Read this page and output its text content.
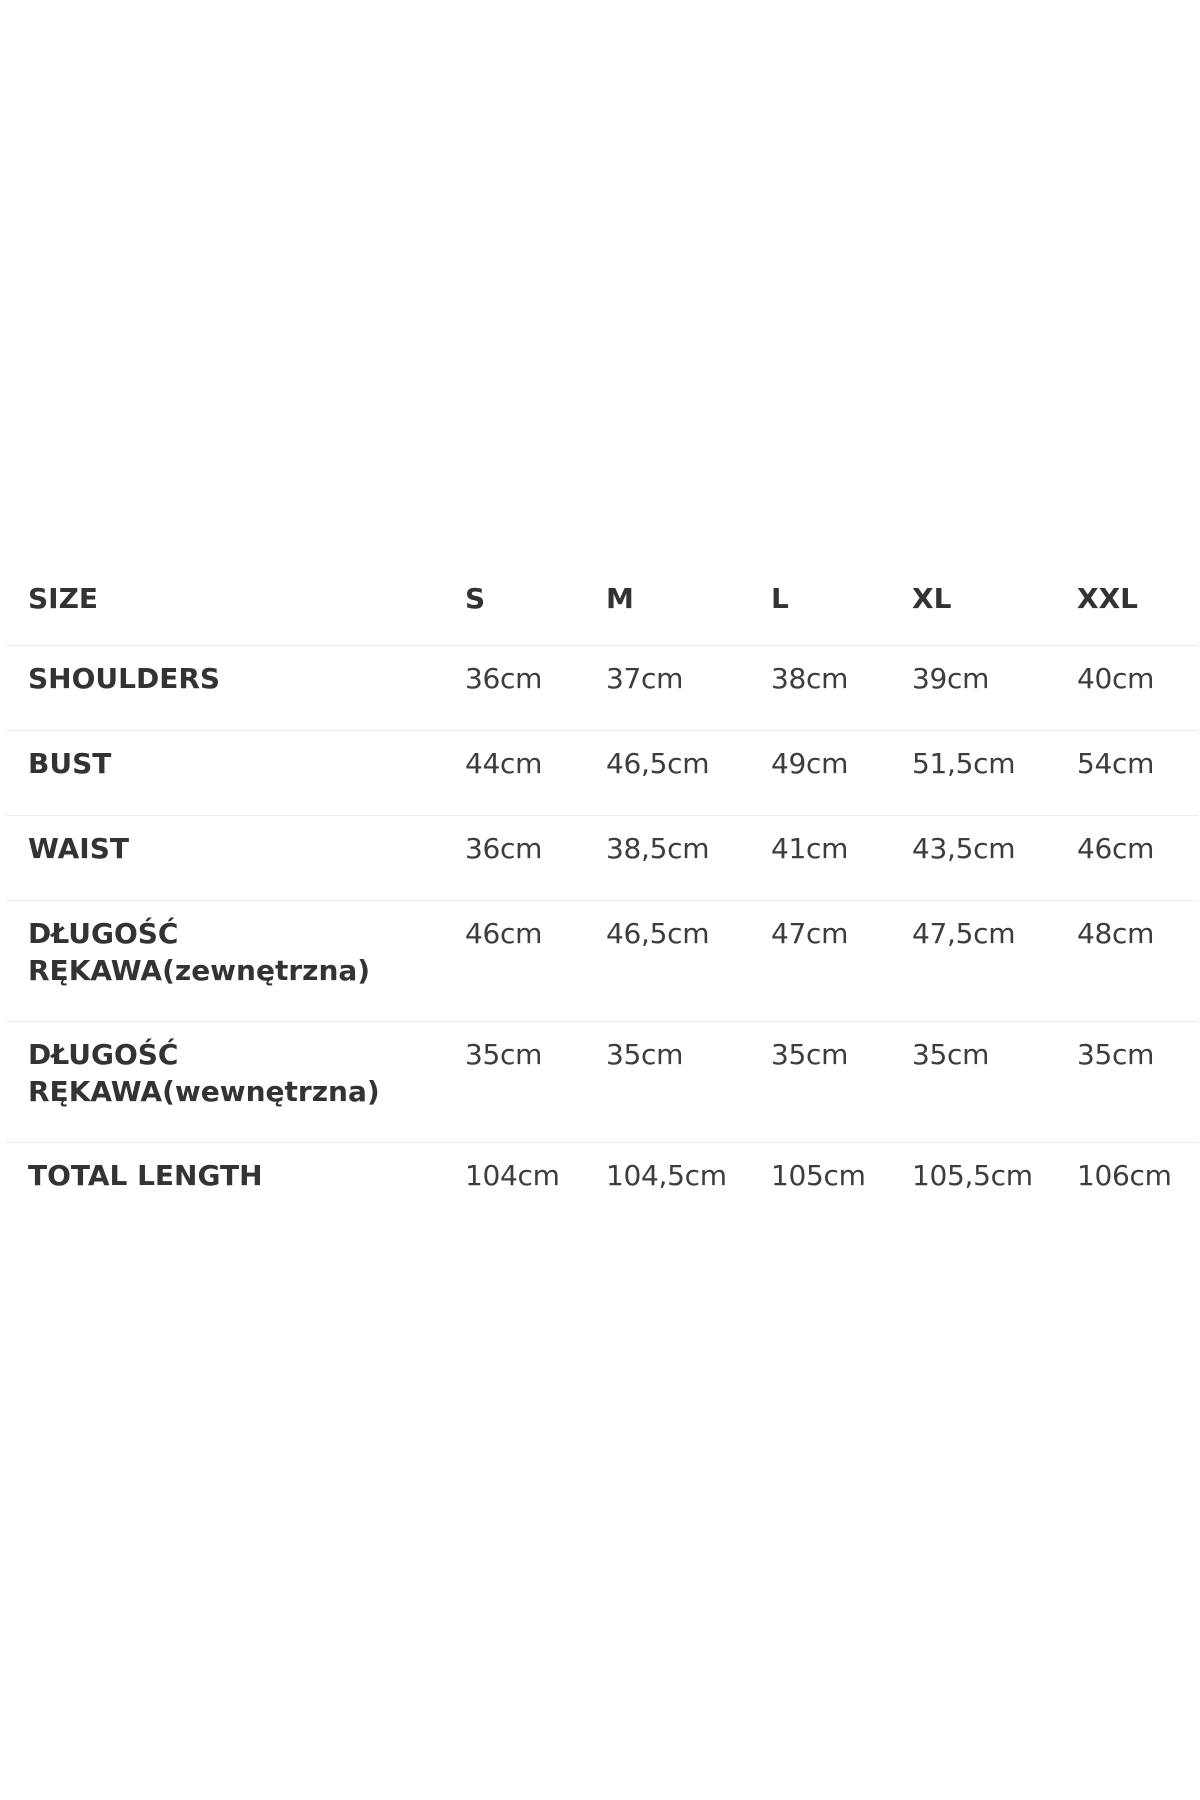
SIZE	S	M	L	XL	XXL
SHOULDERS	36cm	37cm	38cm	39cm	40cm
BUST	44cm	46,5cm	49cm	51,5cm	54cm
WAIST	36cm	38,5cm	41cm	43,5cm	46cm
DŁUGOŚĆ RĘKAWA(zewnętrzna)	46cm	46,5cm	47cm	47,5cm	48cm
DŁUGOŚĆ RĘKAWA(wewnętrzna)	35cm	35cm	35cm	35cm	35cm
TOTAL LENGTH	104cm	104,5cm	105cm	105,5cm	106cm
